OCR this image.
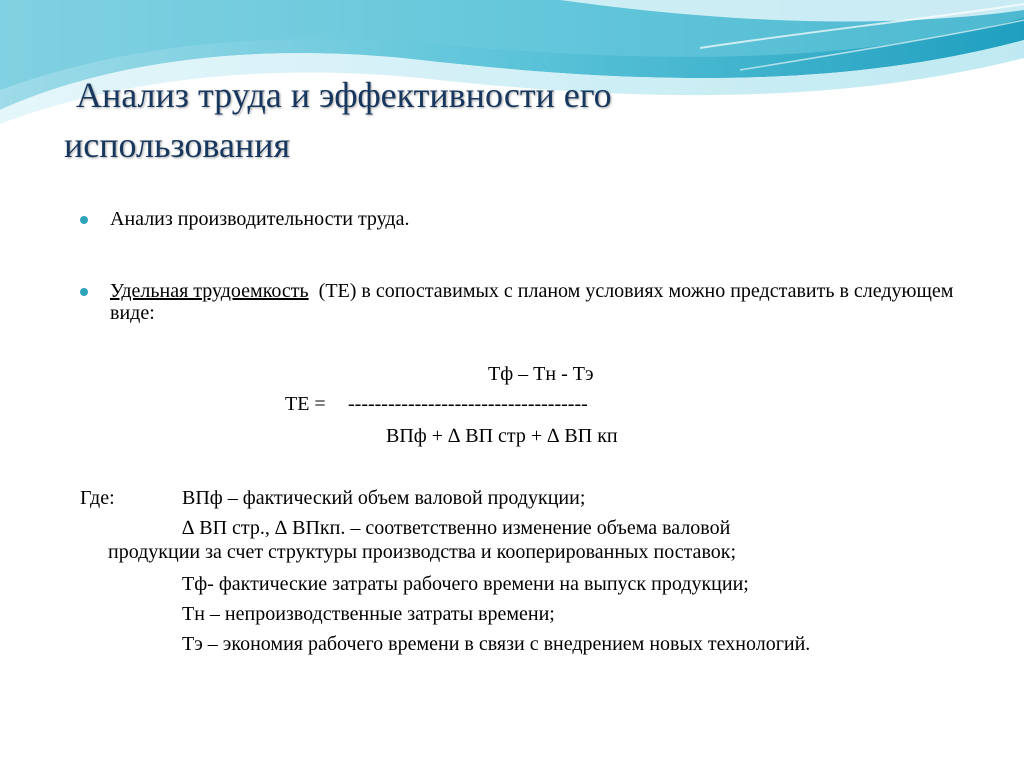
Анализ труда и эффективности его
использования
Анализ производительности труда.
Удельная трудоемкость  (ТЕ) в сопоставимых с планом условиях можно представить в следующем виде:
Тф – Тн - Тэ
ТЕ = ------------------------------------
ВПф + ∆ ВП стр + ∆ ВП кп
Где:	ВПф – фактический объем валовой продукции;
∆ ВП стр., ∆ ВПкп. – соответственно изменение объема валовой
продукции за счет структуры производства и кооперированных поставок;
Тф- фактические затраты рабочего времени на выпуск продукции;
Тн – непроизводственные затраты времени;
Тэ – экономия рабочего времени в связи с внедрением новых технологий.
